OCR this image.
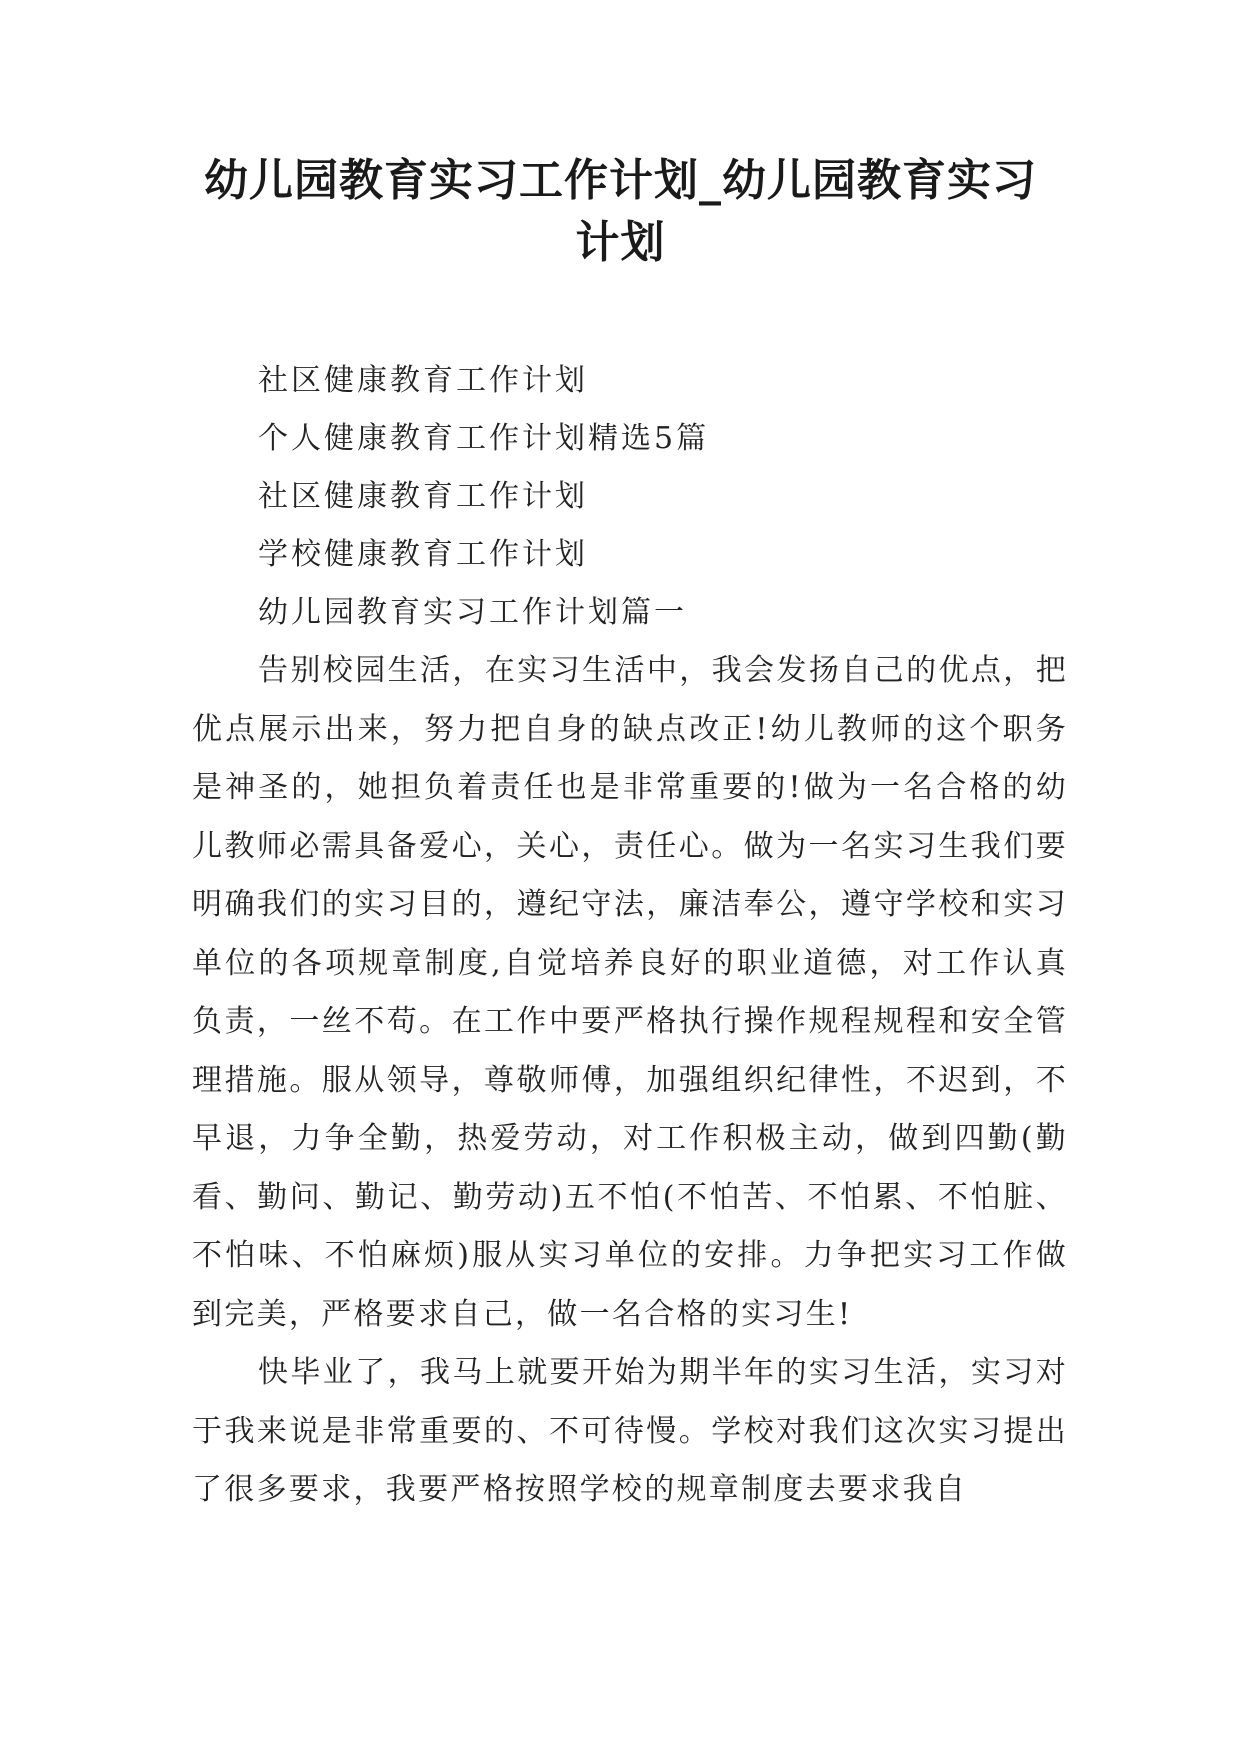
幼儿园教育实习工作计划_幼儿园教育实习
计划

社区健康教育工作计划

个人健康教育工作计划精选5篇

社区健康教育工作计划

学校健康教育工作计划

幼儿园教育实习工作计划篇一

告别校园生活，在实习生活中，我会发扬自己的优点，把优点展示出来，努力把自身的缺点改正!幼儿教师的这个职务是神圣的，她担负着责任也是非常重要的!做为一名合格的幼儿教师必需具备爱心，关心，责任心。做为一名实习生我们要明确我们的实习目的，遵纪守法，廉洁奉公，遵守学校和实习单位的各项规章制度,自觉培养良好的职业道德，对工作认真负责，一丝不苟。在工作中要严格执行操作规程规程和安全管理措施。服从领导，尊敬师傅，加强组织纪律性，不迟到，不早退，力争全勤，热爱劳动，对工作积极主动，做到四勤(勤看、勤问、勤记、勤劳动)五不怕(不怕苦、不怕累、不怕脏、不怕味、不怕麻烦)服从实习单位的安排。力争把实习工作做到完美，严格要求自己，做一名合格的实习生!

快毕业了，我马上就要开始为期半年的实习生活，实习对于我来说是非常重要的、不可待慢。学校对我们这次实习提出了很多要求，我要严格按照学校的规章制度去要求我自
